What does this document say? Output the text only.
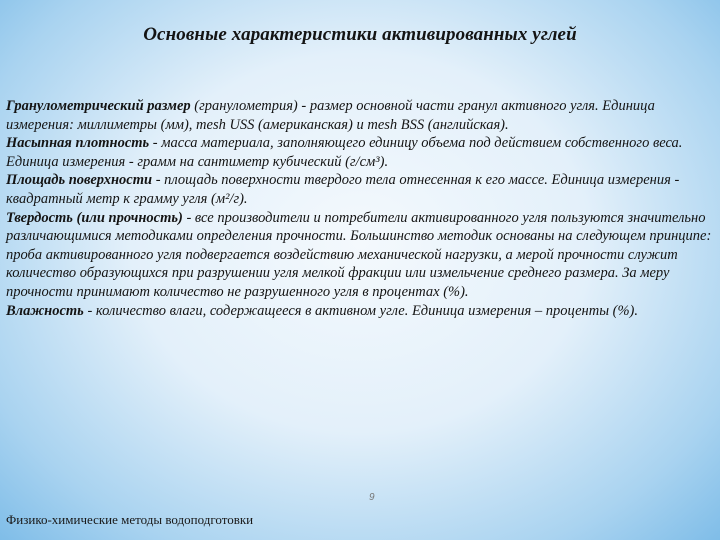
Основные характеристики активированных углей

Гранулометрический размер (гранулометрия) - размер основной части гранул активного угля. Единица измерения: миллиметры (мм), mesh USS (американская) и mesh BSS (английская).

Насыпная плотность - масса материала, заполняющего единицу объема под действием собственного веса. Единица измерения - грамм на сантиметр кубический (г/см³).

Площадь поверхности - площадь поверхности твердого тела отнесенная к его массе. Единица измерения - квадратный метр к грамму угля (м²/г).

Твердость (или прочность) - все производители и потребители активированного угля пользуются значительно различающимися методиками определения прочности. Большинство методик основаны на следующем принципе: проба активированного угля подвергается воздействию механической нагрузки, а мерой прочности служит количество образующихся при разрушении угля мелкой фракции или измельчение среднего размера. За меру прочности принимают количество не разрушенного угля в процентах (%).

Влажность - количество влаги, содержащееся в активном угле. Единица измерения – проценты (%).

9
Физико-химические методы водоподготовки
